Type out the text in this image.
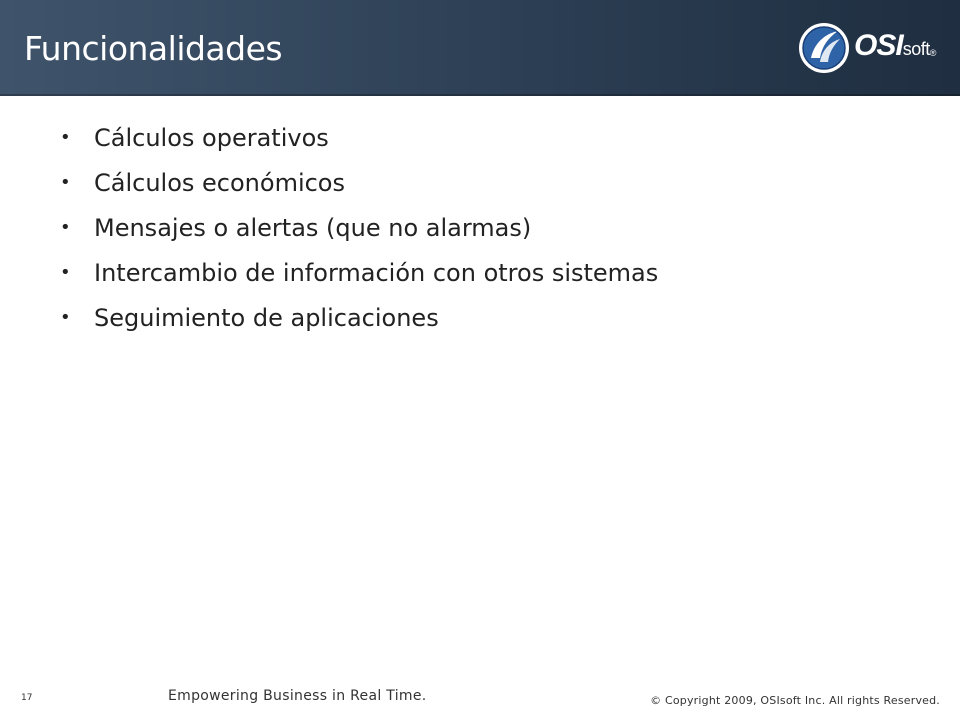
Funcionalidades	OSIsoft®
• Cálculos operativos
• Cálculos económicos
• Mensajes o alertas (que no alarmas)
• Intercambio de información con otros sistemas
• Seguimiento de aplicaciones
17	Empowering Business in Real Time.	© Copyright 2009, OSIsoft Inc. All rights Reserved.
